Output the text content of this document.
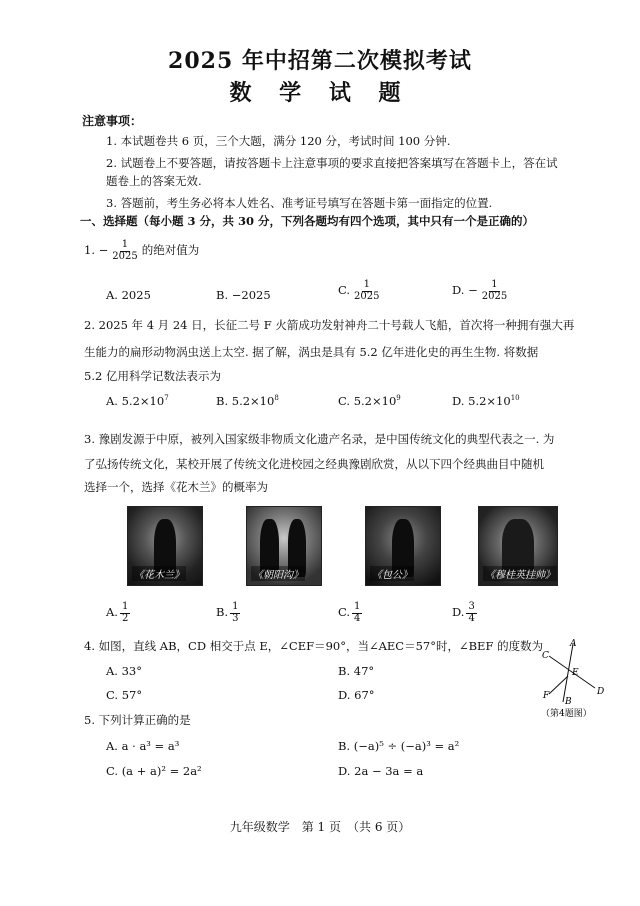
2025 年中招第二次模拟考试
数 学 试 题
注意事项：
1. 本试题卷共 6 页，三个大题，满分 120 分，考试时间 100 分钟.
2. 试题卷上不要答题，请按答题卡上注意事项的要求直接把答案填写在答题卡上，答在试
题卷上的答案无效.
3. 答题前，考生务必将本人姓名、准考证号填写在答题卡第一面指定的位置.
一、选择题（每小题 3 分，共 30 分，下列各题均有四个选项，其中只有一个是正确的）
1. − $\frac{1}{2025}$ 的绝对值为
A. 2025	B. −2025	C. $\frac{1}{2025}$	D. − $\frac{1}{2025}$
2. 2025 年 4 月 24 日，长征二号 F 火箭成功发射神舟二十号载人飞船，首次将一种拥有强大再
生能力的扁形动物涡虫送上太空. 据了解，涡虫是具有 5.2 亿年进化史的再生生物. 将数据
5.2 亿用科学记数法表示为
A. $5.2\times 10^7$	B. $5.2\times 10^8$	C. $5.2\times 10^9$	D. $5.2\times 10^{10}$
3. 豫剧发源于中原，被列入国家级非物质文化遗产名录，是中国传统文化的典型代表之一. 为
了弘扬传统文化，某校开展了传统文化进校园之经典豫剧欣赏，从以下四个经典曲目中随机
选择一个，选择《花木兰》的概率为
《花木兰》	《朝阳沟》	《包公》	《穆桂英挂帅》
A. $\frac{1}{2}$	B. $\frac{1}{3}$	C. $\frac{1}{4}$	D. $\frac{3}{4}$
4. 如图，直线 AB，CD 相交于点 E，∠CEF＝90°，当∠AEC＝57°时，∠BEF 的度数为
A. 33°	B. 47°
C. 57°	D. 67°
A
C
E
D
F
B
（第4题图）
5. 下列计算正确的是
A. a · a³ = a³	B. (−a)⁵ ÷ (−a)³ = a²
C. (a + a)² = 2a²	D. 2a − 3a = a
九年级数学　第 1 页　（共 6 页）
